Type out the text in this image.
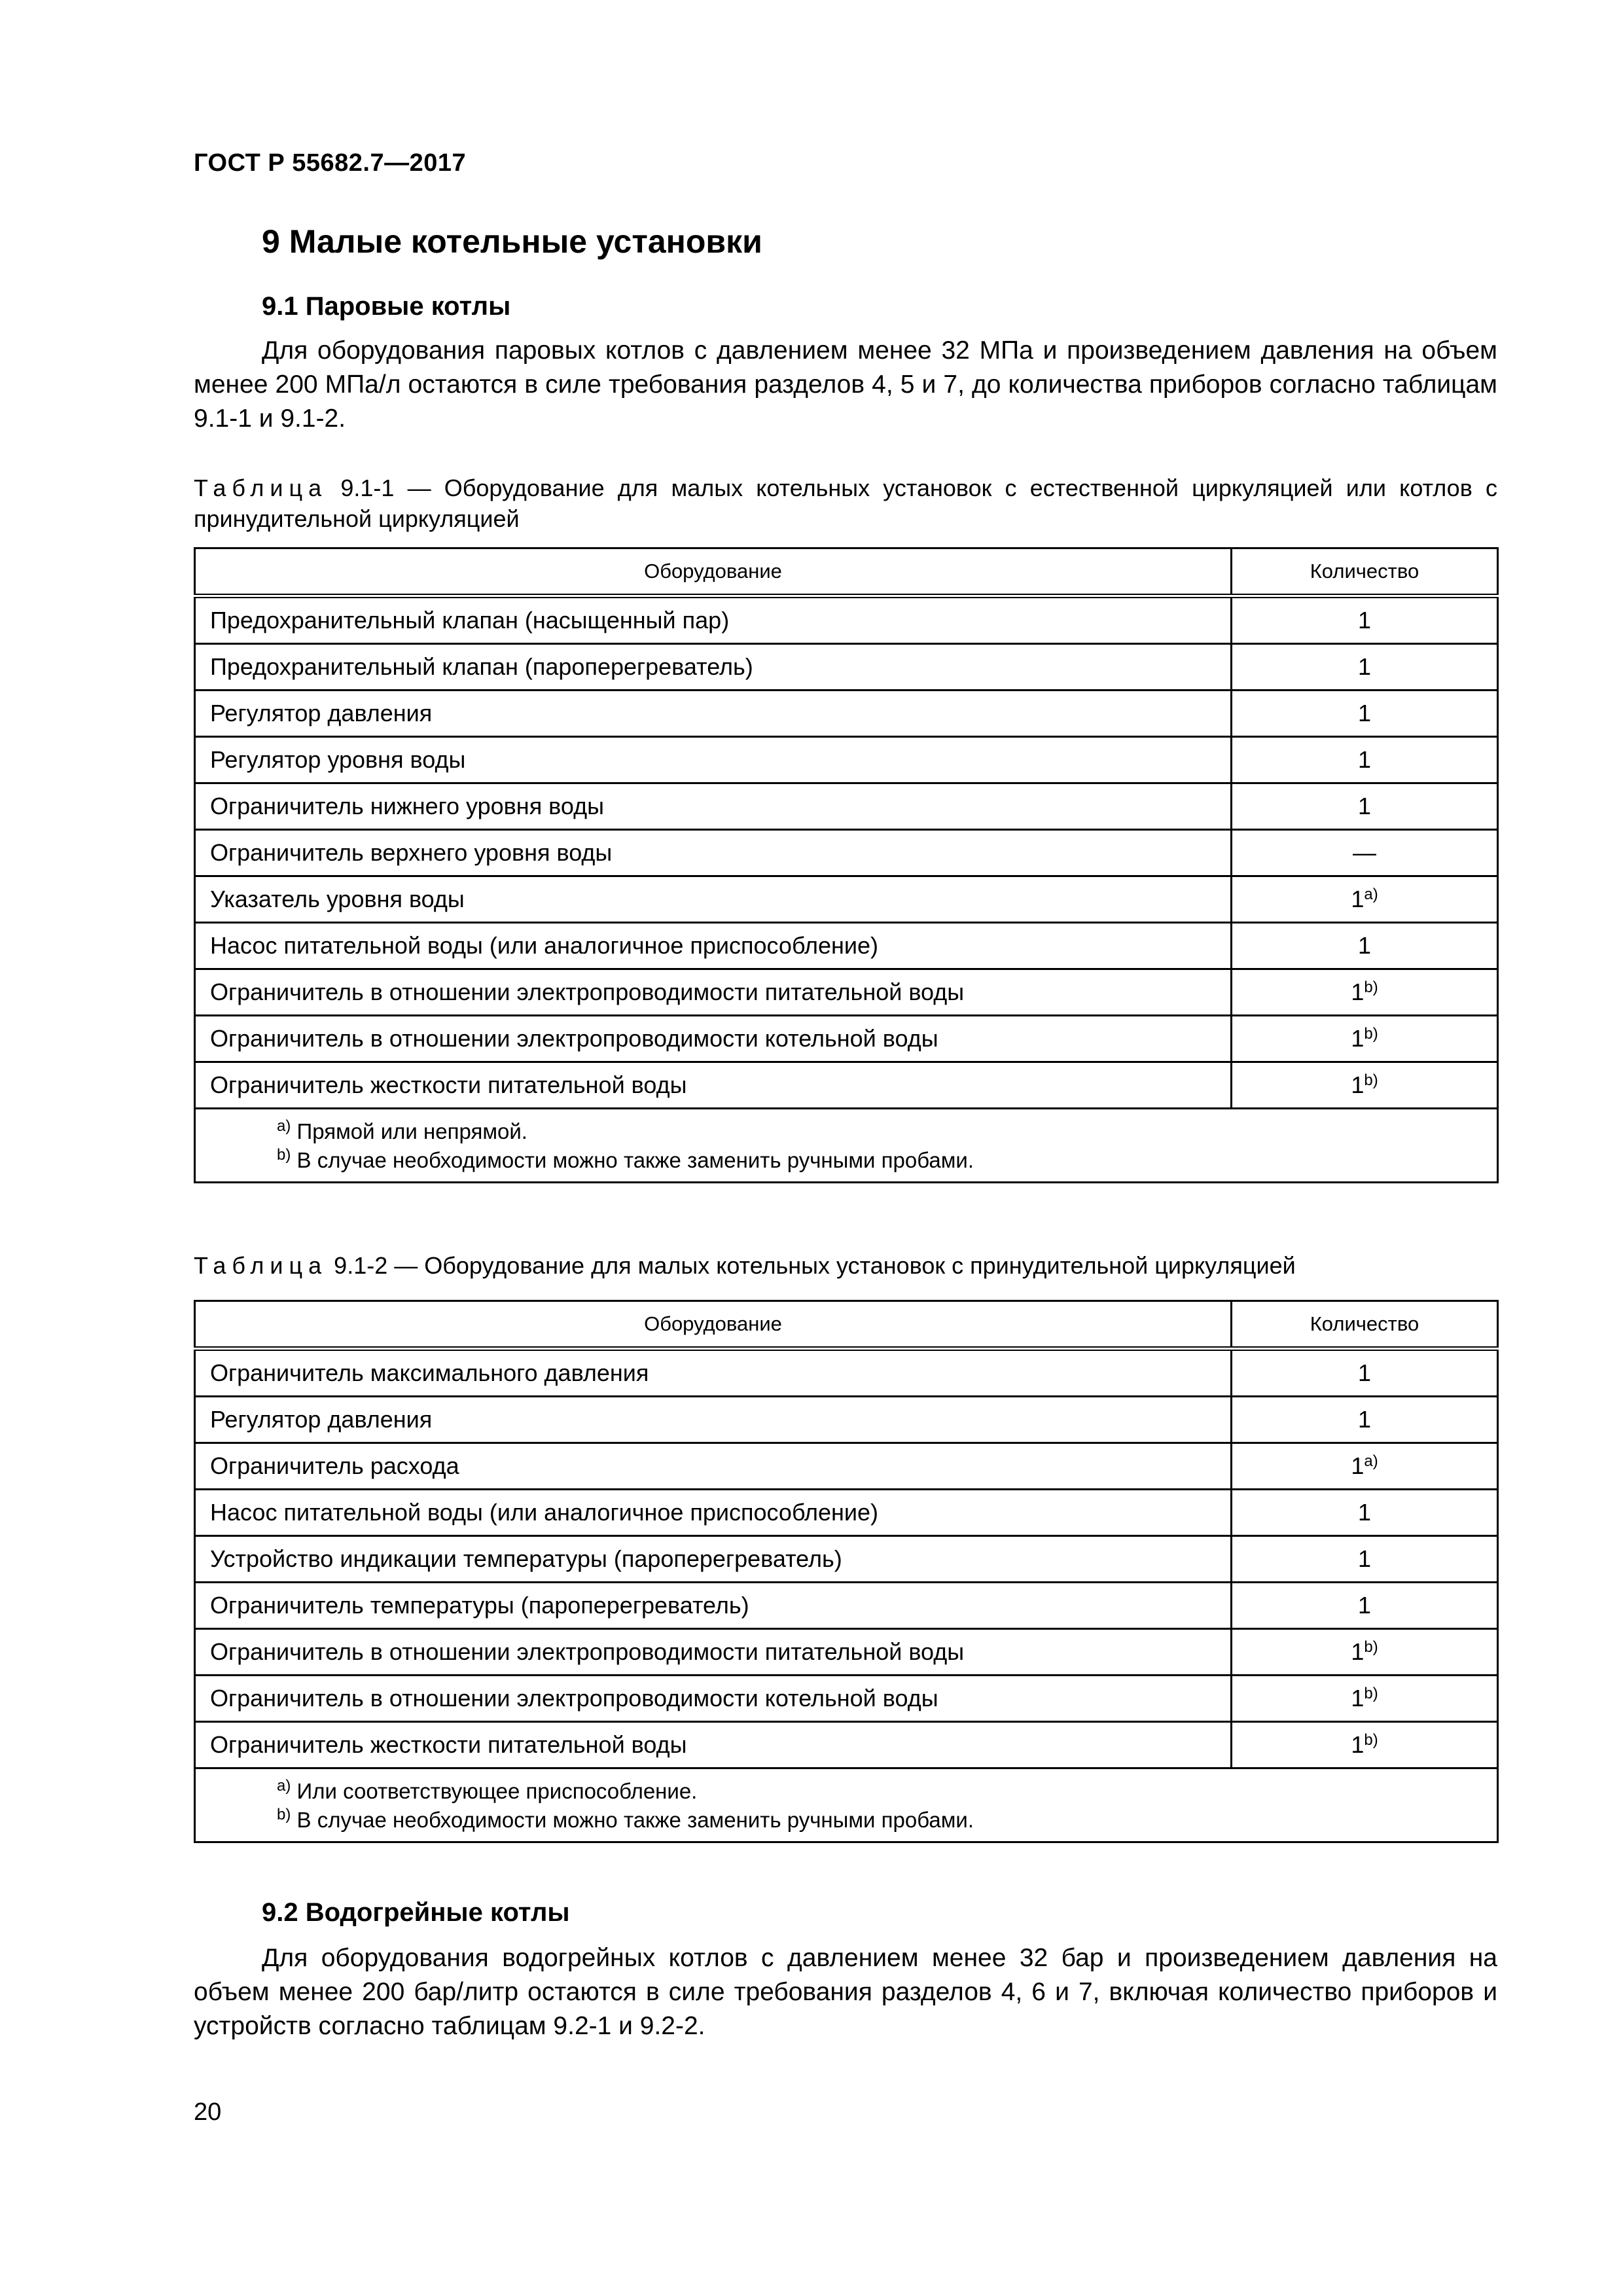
ГОСТ Р 55682.7—2017
9 Малые котельные установки
9.1 Паровые котлы
Для оборудования паровых котлов с давлением менее 32 МПа и произведением давления на объем менее 200 МПа/л остаются в силе требования разделов 4, 5 и 7, до количества приборов согласно таблицам 9.1-1 и 9.1-2.
Таблица 9.1-1 — Оборудование для малых котельных установок с естественной циркуляцией или котлов с принудительной циркуляцией
Оборудование	Количество
Предохранительный клапан (насыщенный пар)	1
Предохранительный клапан (пароперегреватель)	1
Регулятор давления	1
Регулятор уровня воды	1
Ограничитель нижнего уровня воды	1
Ограничитель верхнего уровня воды	—
Указатель уровня воды	1$^{a)}$
Насос питательной воды (или аналогичное приспособление)	1
Ограничитель в отношении электропроводимости питательной воды	1$^{b)}$
Ограничитель в отношении электропроводимости котельной воды	1$^{b)}$
Ограничитель жесткости питательной воды	1$^{b)}$

$^{a)}$ Прямой или непрямой.
$^{b)}$ В случае необходимости можно также заменить ручными пробами.	
Таблица 9.1-2 — Оборудование для малых котельных установок с принудительной циркуляцией
Оборудование	Количество
Ограничитель максимального давления	1
Регулятор давления	1
Ограничитель расхода	1$^{a)}$
Насос питательной воды (или аналогичное приспособление)	1
Устройство индикации температуры (пароперегреватель)	1
Ограничитель температуры (пароперегреватель)	1
Ограничитель в отношении электропроводимости питательной воды	1$^{b)}$
Ограничитель в отношении электропроводимости котельной воды	1$^{b)}$
Ограничитель жесткости питательной воды	1$^{b)}$

$^{a)}$ Или соответствующее приспособление.
$^{b)}$ В случае необходимости можно также заменить ручными пробами.	
9.2 Водогрейные котлы
Для оборудования водогрейных котлов с давлением менее 32 бар и произведением давления на объем менее 200 бар/литр остаются в силе требования разделов 4, 6 и 7, включая количество приборов и устройств согласно таблицам 9.2-1 и 9.2-2.
20
